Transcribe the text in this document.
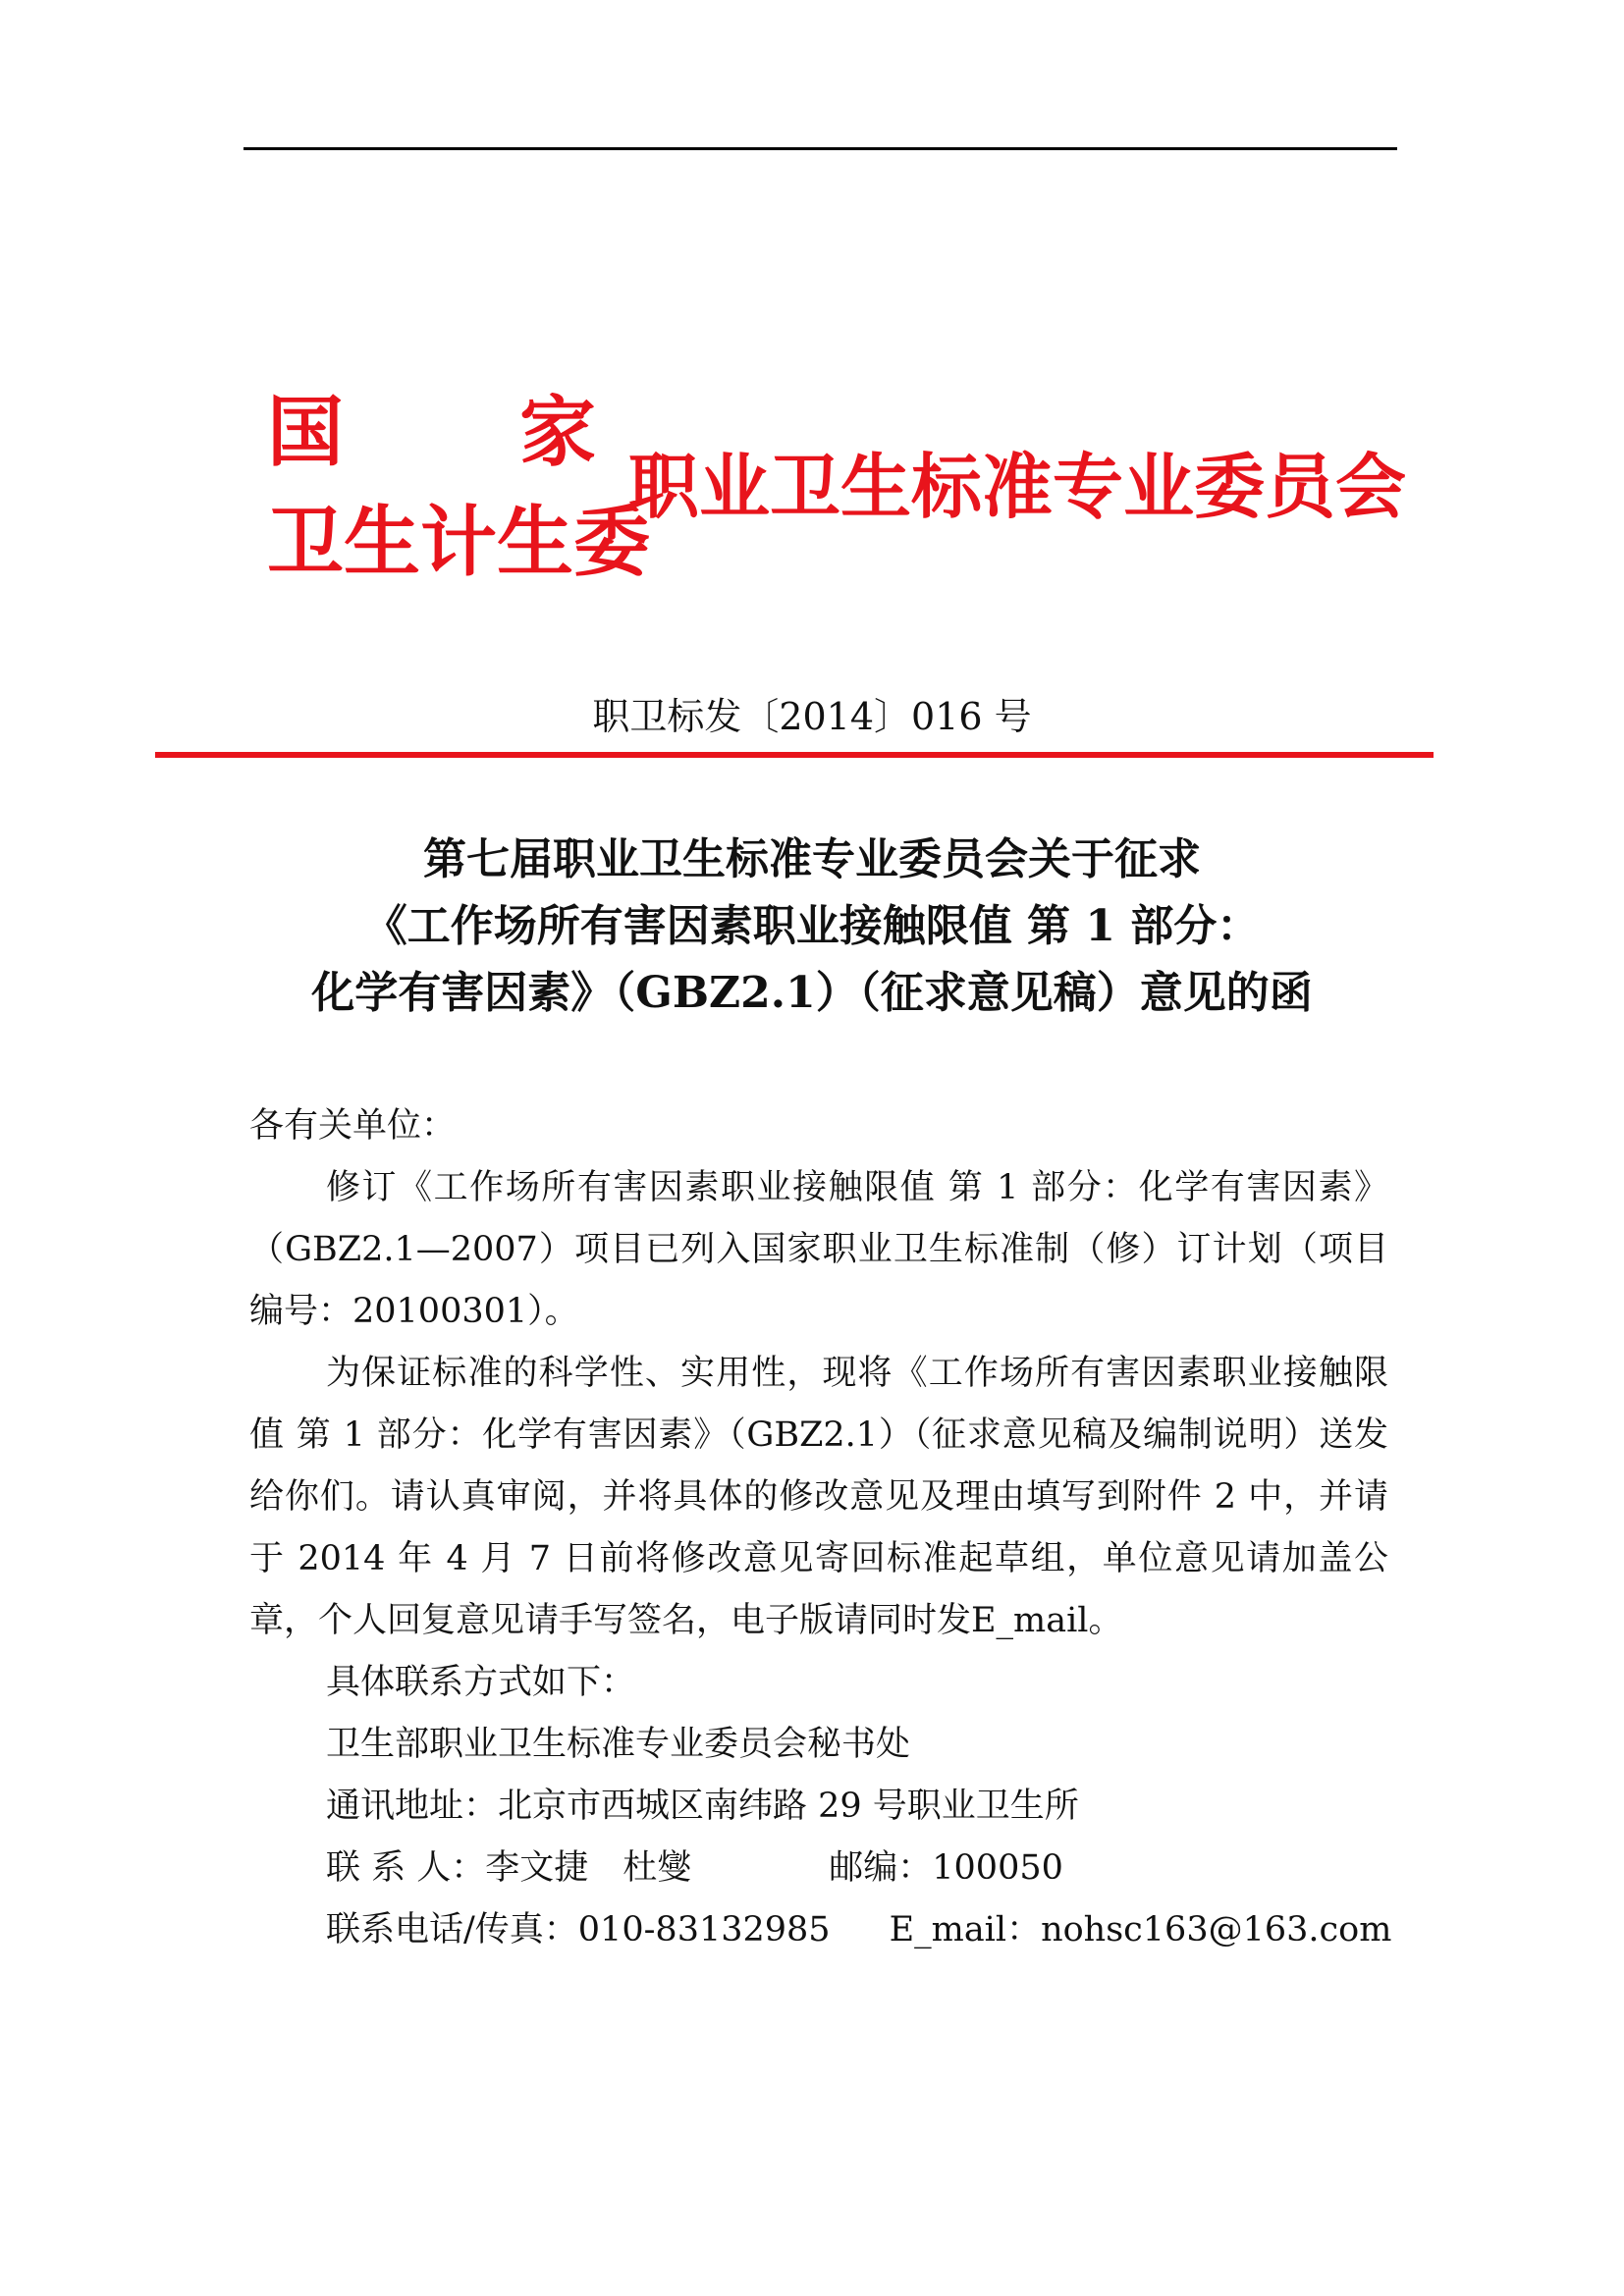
国 家
卫生计生委
职业卫生标准专业委员会
职卫标发〔2014〕016 号
第七届职业卫生标准专业委员会关于征求
《工作场所有害因素职业接触限值 第 1 部分：
化学有害因素》（GBZ2.1）（征求意见稿）意见的函

各有关单位：

修订《工作场所有害因素职业接触限值 第 1 部分：化学有害因素》（GBZ2.1—2007）项目已列入国家职业卫生标准制（修）订计划（项目编号：20100301）。

为保证标准的科学性、实用性，现将《工作场所有害因素职业接触限值 第 1 部分：化学有害因素》（GBZ2.1）（征求意见稿及编制说明）送发给你们。请认真审阅，并将具体的修改意见及理由填写到附件 2 中，并请于 2014 年 4 月 7 日前将修改意见寄回标准起草组，单位意见请加盖公章，个人回复意见请手写签名，电子版请同时发E_mail。

具体联系方式如下：

卫生部职业卫生标准专业委员会秘书处

通讯地址：北京市西城区南纬路 29 号职业卫生所

联 系 人：李文捷　杜燮	邮编：100050

联系电话/传真：010-83132985 E_mail：nohsc163@163.com
